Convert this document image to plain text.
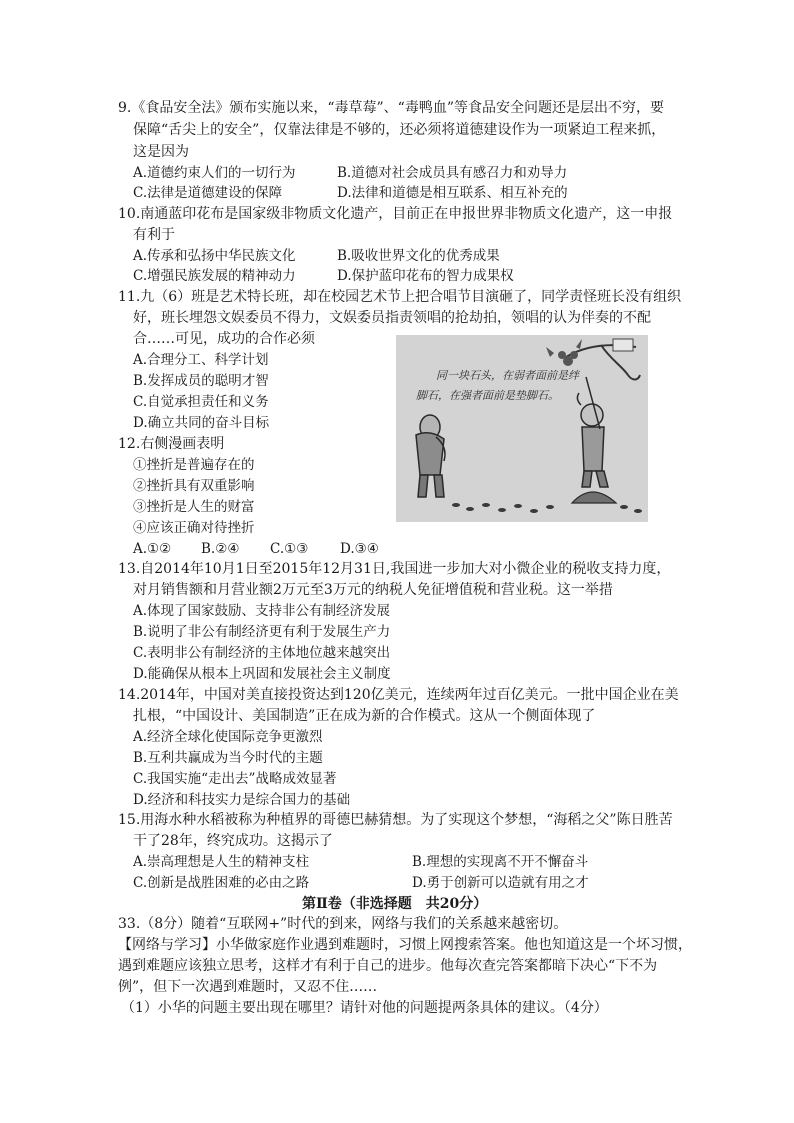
9.《食品安全法》颁布实施以来，“毒草莓”、“毒鸭血”等食品安全问题还是层出不穷，要
保障“舌尖上的安全”，仅靠法律是不够的，还必须将道德建设作为一项紧迫工程来抓，
这是因为
A.道德约束人们的一切行为	B.道德对社会成员具有感召力和劝导力
C.法律是道德建设的保障	D.法律和道德是相互联系、相互补充的
10.南通蓝印花布是国家级非物质文化遗产，目前正在申报世界非物质文化遗产，这一申报
有利于
A.传承和弘扬中华民族文化	B.吸收世界文化的优秀成果
C.增强民族发展的精神动力	D.保护蓝印花布的智力成果权
11.九（6）班是艺术特长班，却在校园艺术节上把合唱节目演砸了，同学责怪班长没有组织
好，班长埋怨文娱委员不得力，文娱委员指责领唱的抢劫拍，领唱的认为伴奏的不配
合……可见，成功的合作必须
A.合理分工、科学计划
B.发挥成员的聪明才智
C.自觉承担责任和义务
D.确立共同的奋斗目标
同一块石头，在弱者面前是绊
脚石，在强者面前是垫脚石。
12.右侧漫画表明
①挫折是普遍存在的
②挫折具有双重影响
③挫折是人生的财富
④应该正确对待挫折
A.①② B.②④ C.①③ D.③④
13.自2014年10月1日至2015年12月31日,我国进一步加大对小微企业的税收支持力度，
对月销售额和月营业额2万元至3万元的纳税人免征增值税和营业税。这一举措
A.体现了国家鼓励、支持非公有制经济发展
B.说明了非公有制经济更有利于发展生产力
C.表明非公有制经济的主体地位越来越突出
D.能确保从根本上巩固和发展社会主义制度
14.2014年，中国对美直接投资达到120亿美元，连续两年过百亿美元。一批中国企业在美
扎根，“中国设计、美国制造”正在成为新的合作模式。这从一个侧面体现了
A.经济全球化使国际竞争更激烈
B.互利共赢成为当今时代的主题
C.我国实施“走出去”战略成效显著
D.经济和科技实力是综合国力的基础
15.用海水种水稻被称为种植界的哥德巴赫猜想。为了实现这个梦想，“海稻之父”陈日胜苦
干了28年，终究成功。这揭示了
A.崇高理想是人生的精神支柱	B.理想的实现离不开不懈奋斗
C.创新是战胜困难的必由之路	D.勇于创新可以造就有用之才
第Ⅱ卷（非选择题　共20分）
33.（8分）随着“互联网+”时代的到来，网络与我们的关系越来越密切。
【网络与学习】小华做家庭作业遇到难题时，习惯上网搜索答案。他也知道这是一个坏习惯，
遇到难题应该独立思考，这样才有利于自己的进步。他每次查完答案都暗下决心“下不为
例”，但下一次遇到难题时，又忍不住……
（1）小华的问题主要出现在哪里？请针对他的问题提两条具体的建议。（4分）
